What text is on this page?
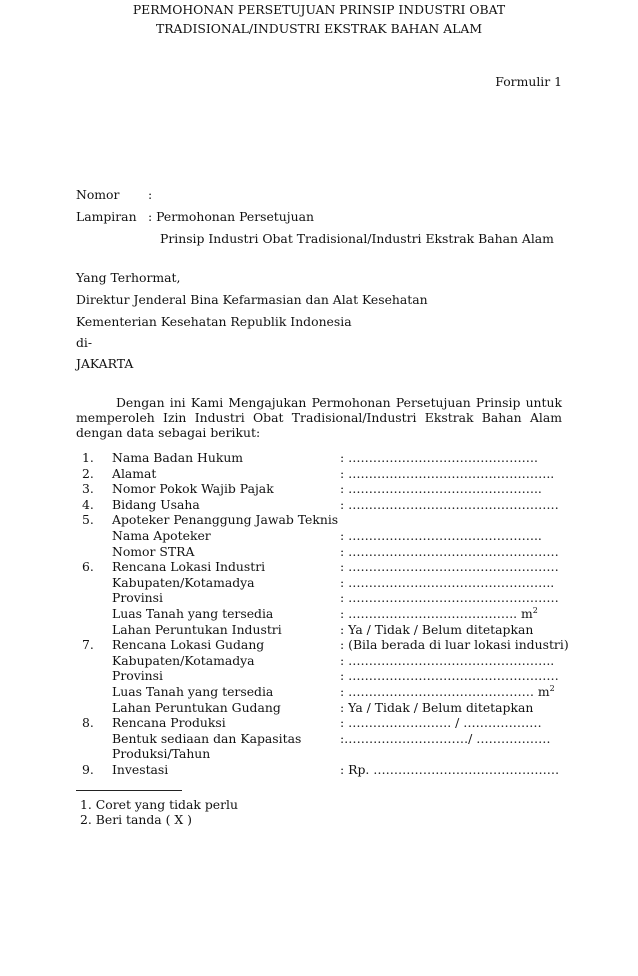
Formulir 1
PERMOHONAN PERSETUJUAN PRINSIP INDUSTRI OBAT
TRADISIONAL/INDUSTRI EKSTRAK BAHAN ALAM
Nomor :
Lampiran : Permohonan Persetujuan
Prinsip Industri Obat Tradisional/Industri Ekstrak Bahan Alam
Yang Terhormat,
Direktur Jenderal Bina Kefarmasian dan Alat Kesehatan
Kementerian Kesehatan Republik Indonesia
di-
JAKARTA
Dengan ini Kami Mengajukan Permohonan Persetujuan Prinsip untuk memperoleh Izin Industri Obat Tradisional/Industri Ekstrak Bahan Alam dengan data sebagai berikut:
1. Nama Badan Hukum	: ……………………………………….
2. Alamat	: …………………………………………..
3. Nomor Pokok Wajib Pajak	: ………………………………………..
4. Bidang Usaha	: ……………………………………………
5. Apoteker Penanggung Jawab Teknis
Nama Apoteker	: ………………………………………..
Nomor STRA	: ……………………………………………
6. Rencana Lokasi Industri	: ……………………………………………
Kabupaten/Kotamadya	: …………………………………………..
Provinsi	: ……………………………………………
Luas Tanah yang tersedia	: ………………………………….. $m^2$
Lahan Peruntukan Industri	: Ya / Tidak / Belum ditetapkan
7. Rencana Lokasi Gudang	: (Bila berada di luar lokasi industri)
Kabupaten/Kotamadya	: …………………………………………..
Provinsi	: ……………………………………………
Luas Tanah yang tersedia	: ……………………………………… $m^2$
Lahan Peruntukan Gudang	: Ya / Tidak / Belum ditetapkan
8. Rencana Produksi	: ……………………. / ……………….
Bentuk sediaan dan Kapasitas	:…………………………/ ………………
Produksi/Tahun
9. Investasi	: Rp. ………………………………………
1. Coret yang tidak perlu
2. Beri tanda ( X )
